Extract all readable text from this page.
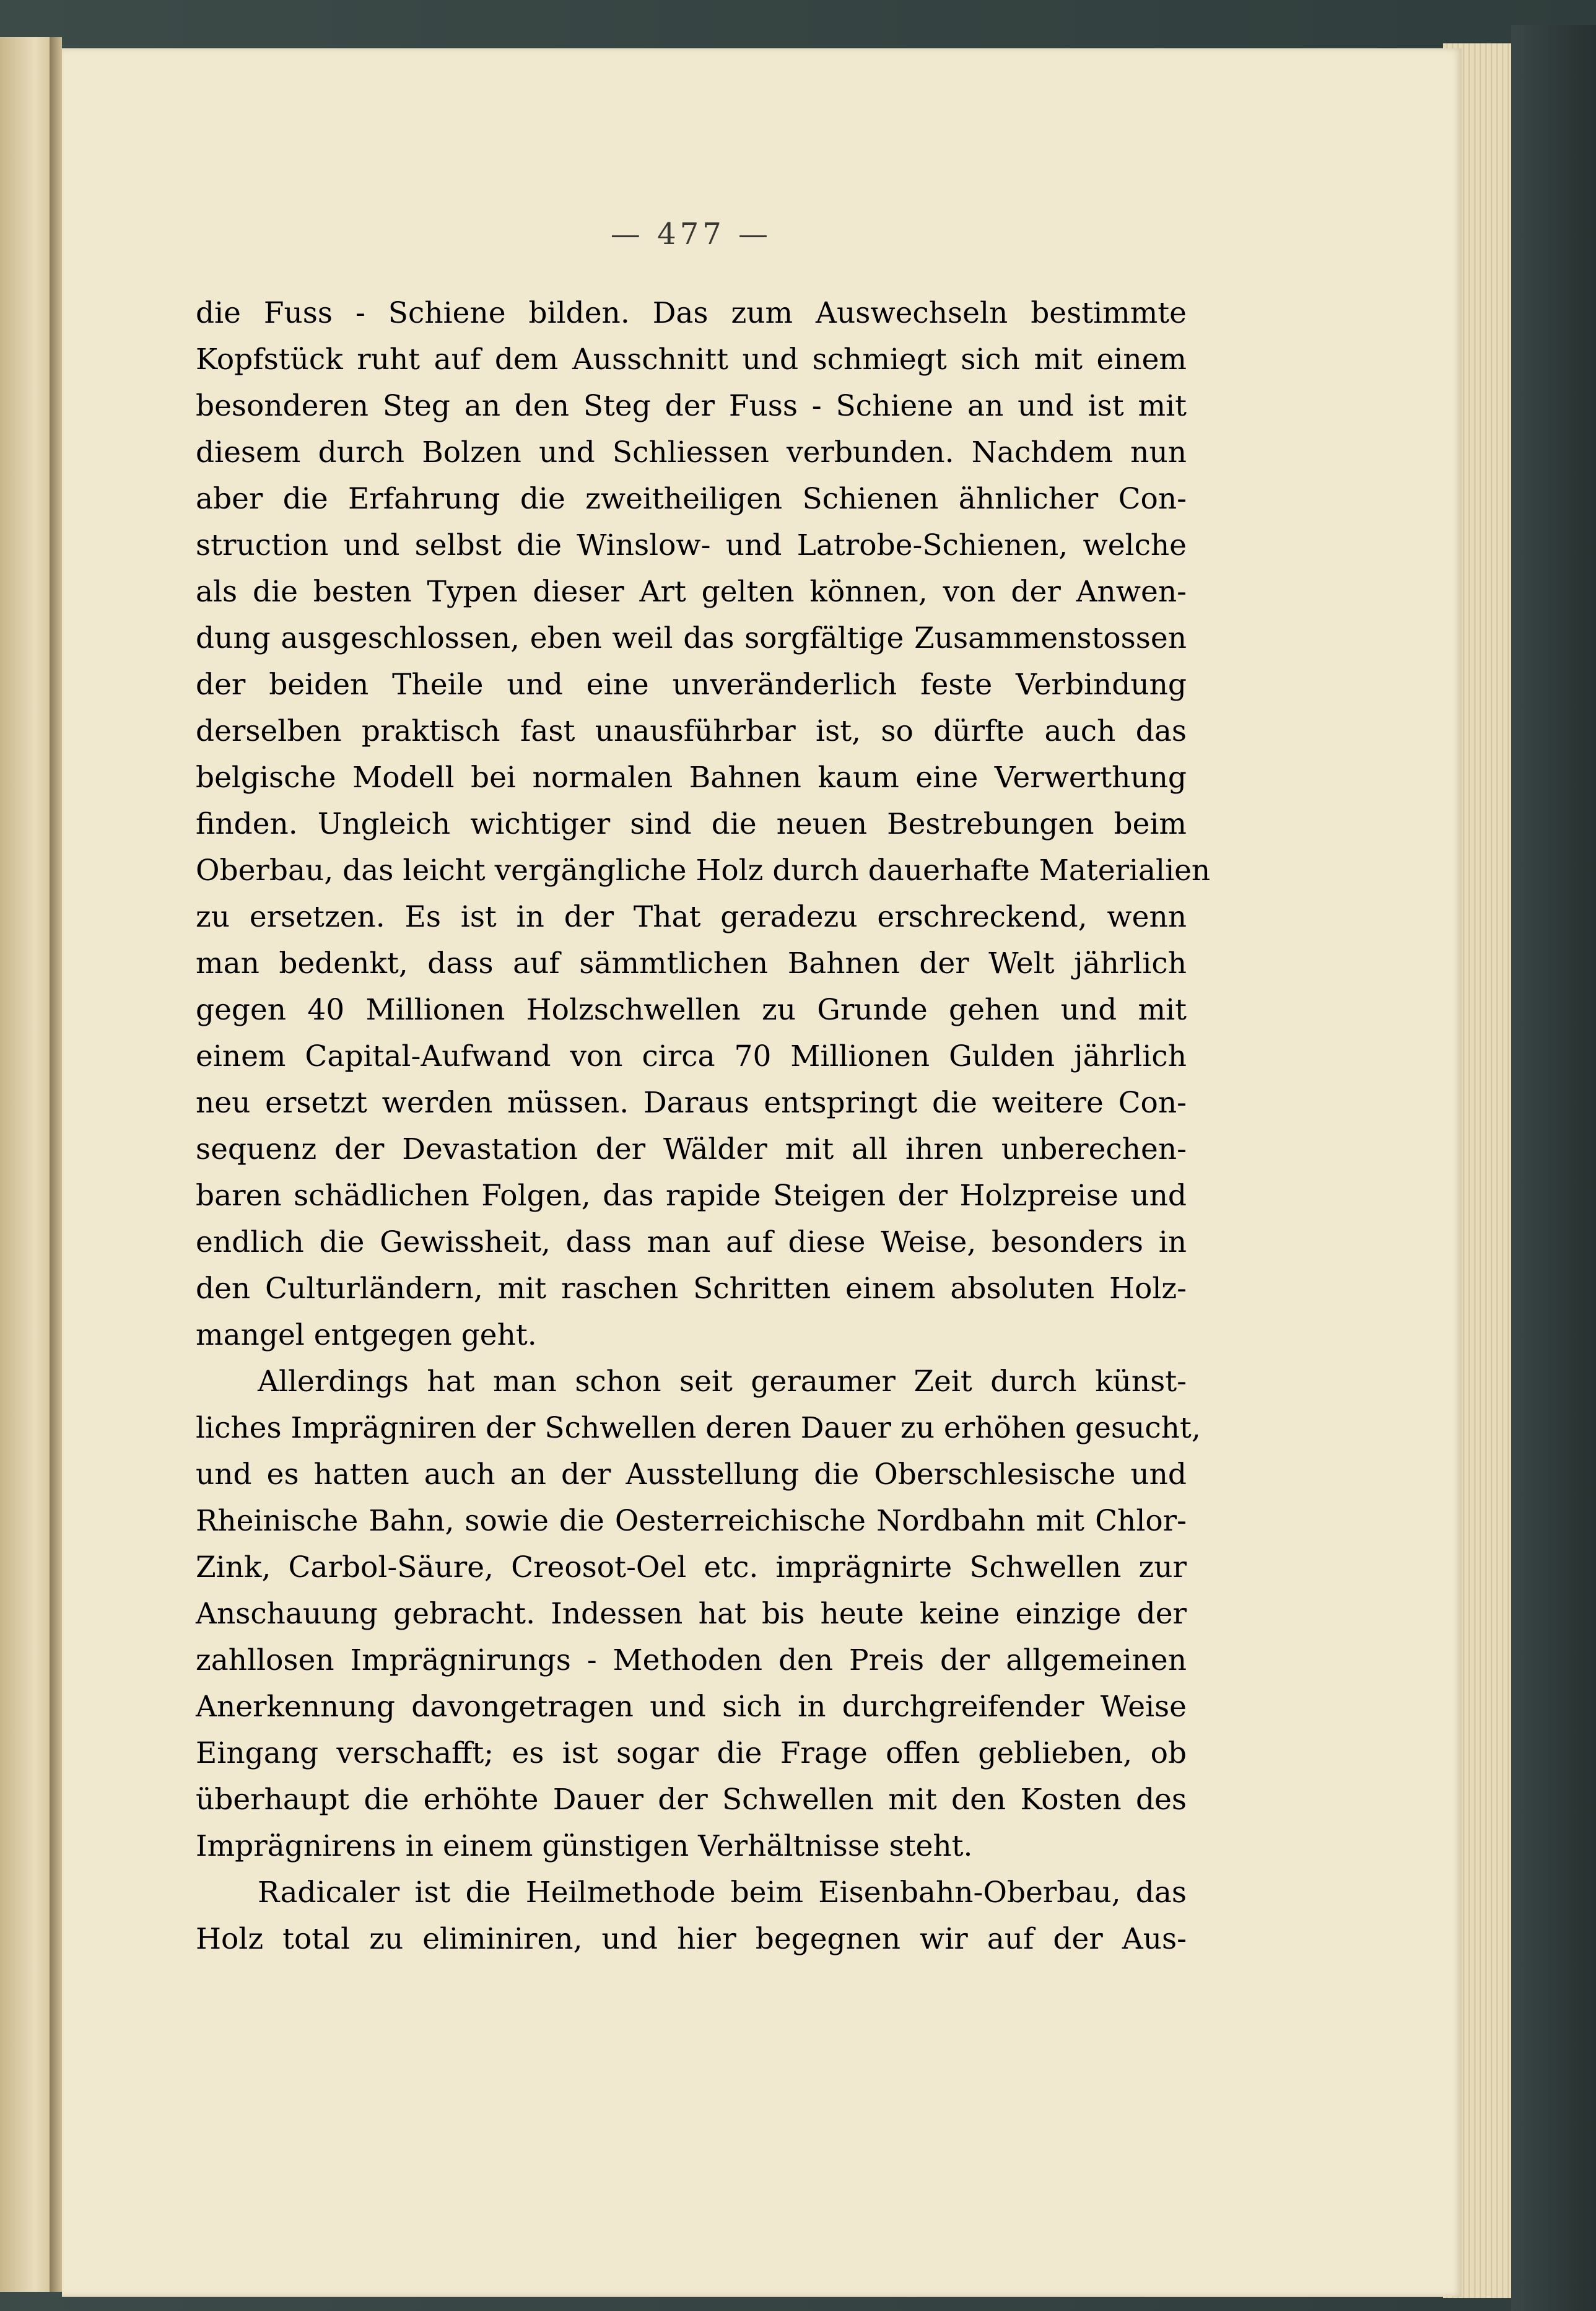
— 477 —
die Fuss - Schiene bilden. Das zum Auswechseln bestimmte
Kopfstück ruht auf dem Ausschnitt und schmiegt sich mit einem
besonderen Steg an den Steg der Fuss - Schiene an und ist mit
diesem durch Bolzen und Schliessen verbunden. Nachdem nun
aber die Erfahrung die zweitheiligen Schienen ähnlicher Con-
struction und selbst die Winslow- und Latrobe-Schienen, welche
als die besten Typen dieser Art gelten können, von der Anwen-
dung ausgeschlossen, eben weil das sorgfältige Zusammenstossen
der beiden Theile und eine unveränderlich feste Verbindung
derselben praktisch fast unausführbar ist, so dürfte auch das
belgische Modell bei normalen Bahnen kaum eine Verwerthung
finden. Ungleich wichtiger sind die neuen Bestrebungen beim
Oberbau, das leicht vergängliche Holz durch dauerhafte Materialien
zu ersetzen. Es ist in der That geradezu erschreckend, wenn
man bedenkt, dass auf sämmtlichen Bahnen der Welt jährlich
gegen 40 Millionen Holzschwellen zu Grunde gehen und mit
einem Capital-Aufwand von circa 70 Millionen Gulden jährlich
neu ersetzt werden müssen. Daraus entspringt die weitere Con-
sequenz der Devastation der Wälder mit all ihren unberechen-
baren schädlichen Folgen, das rapide Steigen der Holzpreise und
endlich die Gewissheit, dass man auf diese Weise, besonders in
den Culturländern, mit raschen Schritten einem absoluten Holz-
mangel entgegen geht.
Allerdings hat man schon seit geraumer Zeit durch künst-
liches Imprägniren der Schwellen deren Dauer zu erhöhen gesucht,
und es hatten auch an der Ausstellung die Oberschlesische und
Rheinische Bahn, sowie die Oesterreichische Nordbahn mit Chlor-
Zink, Carbol-Säure, Creosot-Oel etc. imprägnirte Schwellen zur
Anschauung gebracht. Indessen hat bis heute keine einzige der
zahllosen Imprägnirungs - Methoden den Preis der allgemeinen
Anerkennung davongetragen und sich in durchgreifender Weise
Eingang verschafft; es ist sogar die Frage offen geblieben, ob
überhaupt die erhöhte Dauer der Schwellen mit den Kosten des
Imprägnirens in einem günstigen Verhältnisse steht.
Radicaler ist die Heilmethode beim Eisenbahn-Oberbau, das
Holz total zu eliminiren, und hier begegnen wir auf der Aus-
